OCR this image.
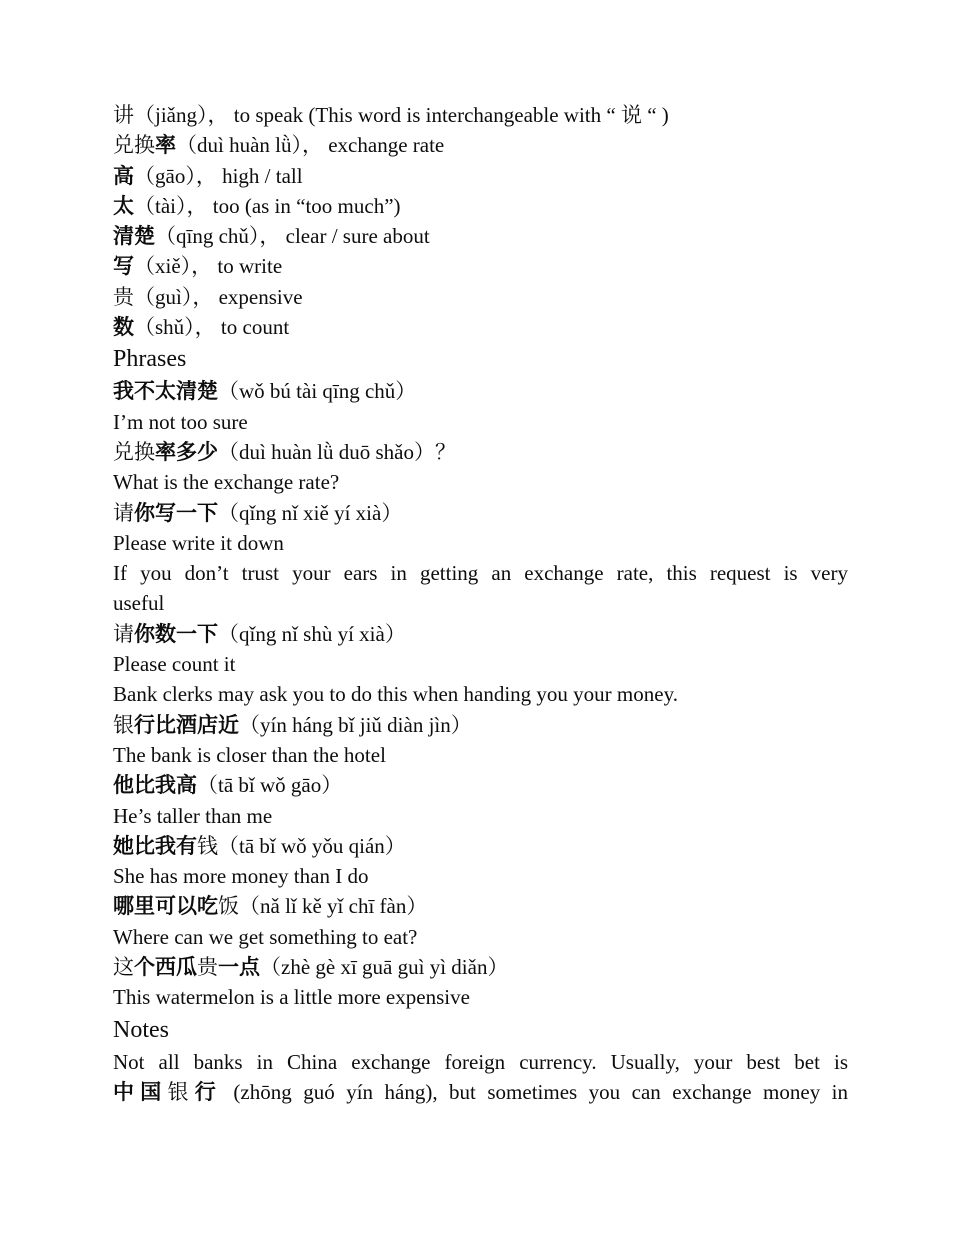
讲（jiǎng）， to speak (This word is interchangeable with “ 说 “ )
兑换率（duì huàn lǜ）， exchange rate
高（gāo）， high / tall
太（tài）， too (as in “too much”)
清楚（qīng chǔ）， clear / sure about
写（xiě）， to write
贵（guì）， expensive
数（shǔ）， to count
Phrases
我不太清楚（wǒ bú tài qīng chǔ）
I’m not too sure
兑换率多少（duì huàn lǜ duō shǎo）？
What is the exchange rate?
请你写一下（qǐng nǐ xiě yí xià）
Please write it down
If you don’t trust your ears in getting an exchange rate, this request is very
useful
请你数一下（qǐng nǐ shù yí xià）
Please count it
Bank clerks may ask you to do this when handing you your money.
银行比酒店近（yín háng bǐ jiǔ diàn jìn）
The bank is closer than the hotel
他比我高（tā bǐ wǒ gāo）
He’s taller than me
她比我有钱（tā bǐ wǒ yǒu qián）
She has more money than I do
哪里可以吃饭（nǎ lǐ kě yǐ chī fàn）
Where can we get something to eat?
这个西瓜贵一点（zhè gè xī guā guì yì diǎn）
This watermelon is a little more expensive
Notes
Not all banks in China exchange foreign currency. Usually, your best bet is
中国银行 (zhōng guó yín háng), but sometimes you can exchange money in
